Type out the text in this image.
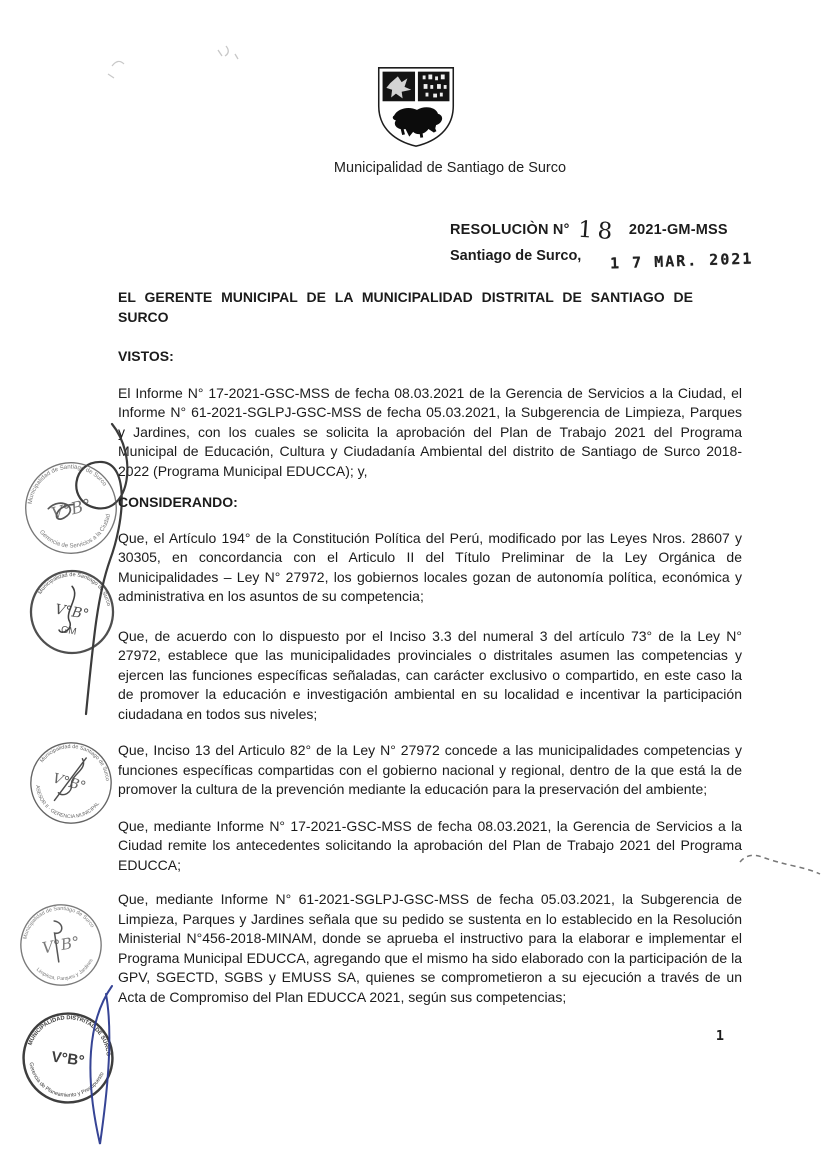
Municipalidad de Santiago de Surco
RESOLUCIÒN N° 18 2021-GM-MSS
Santiago de Surco, 1 7 MAR. 2021

EL GERENTE MUNICIPAL DE LA MUNICIPALIDAD DISTRITAL DE SANTIAGO DE
SURCO

VISTOS:

El Informe N° 17-2021-GSC-MSS de fecha 08.03.2021 de la Gerencia de Servicios a la Ciudad, el Informe N° 61-2021-SGLPJ-GSC-MSS de fecha 05.03.2021, la Subgerencia de Limpieza, Parques y Jardines, con los cuales se solicita la aprobación del Plan de Trabajo 2021 del Programa Municipal de Educación, Cultura y Ciudadanía Ambiental del distrito de Santiago de Surco 2018-2022 (Programa Municipal EDUCCA); y,

CONSIDERANDO:

Que, el Artículo 194° de la Constitución Política del Perú, modificado por las Leyes Nros. 28607 y 30305, en concordancia con el Articulo II del Título Preliminar de la Ley Orgánica de Municipalidades – Ley N° 27972, los gobiernos locales gozan de autonomía política, económica y administrativa en los asuntos de su competencia;

Que, de acuerdo con lo dispuesto por el Inciso 3.3 del numeral 3 del artículo 73° de la Ley N° 27972, establece que las municipalidades provinciales o distritales asumen las competencias y ejercen las funciones específicas señaladas, can carácter exclusivo o compartido, en este caso la de promover la educación e investigación ambiental en su localidad e incentivar la participación ciudadana en todos sus niveles;

Que, Inciso 13 del Articulo 82° de la Ley N° 27972 concede a las municipalidades competencias y funciones específicas compartidas con el gobierno nacional y regional, dentro de la que está la de promover la cultura de la prevención mediante la educación para la preservación del ambiente;

Que, mediante Informe N° 17-2021-GSC-MSS de fecha 08.03.2021, la Gerencia de Servicios a la Ciudad remite los antecedentes solicitando la aprobación del Plan de Trabajo 2021 del Programa EDUCCA;

Que, mediante Informe N° 61-2021-SGLPJ-GSC-MSS de fecha 05.03.2021, la Subgerencia de Limpieza, Parques y Jardines señala que su pedido se sustenta en lo establecido en la Resolución Ministerial N°456-2018-MINAM, donde se aprueba el instructivo para la elaborar e implementar el Programa Municipal EDUCCA, agregando que el mismo ha sido elaborado con la participación de la GPV, SGECTD, SGBS y EMUSS SA, quienes se comprometieron a su ejecución a través de un Acta de Compromiso del Plan EDUCCA 2021, según sus competencias;

1
Municipalidad de Santiago de Surco
Gerencia de Servicios a la Ciudad
V°B°
Municipalidad de Santiago de Surco
V°B°
GM
Municipalidad de Santiago de Surco
ASESOR II · GERENCIA MUNICIPAL
V°B°
Municipalidad de Santiago de Surco
Limpieza, Parques y Jardines
V°B°
MUNICIPALIDAD DISTRITAL DE SURCO
Gerencia de Planeamiento y Presupuesto
V°B°
